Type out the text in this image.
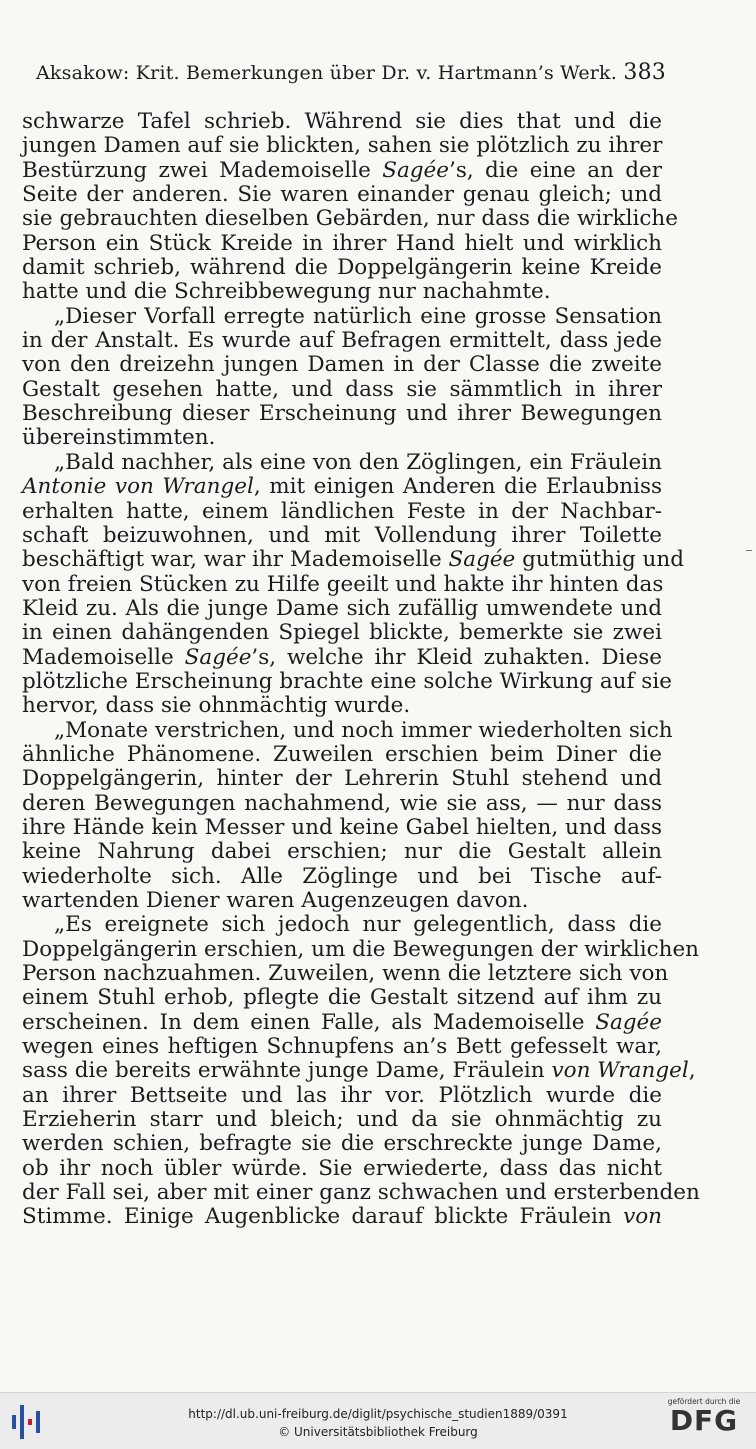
Aksakow: Krit. Bemerkungen über Dr. v. Hartmann’s Werk. 383
schwarze Tafel schrieb. Während sie dies that und die
jungen Damen auf sie blickten, sahen sie plötzlich zu ihrer
Bestürzung zwei Mademoiselle Sagée’s, die eine an der
Seite der anderen. Sie waren einander genau gleich; und
sie gebrauchten dieselben Gebärden, nur dass die wirkliche
Person ein Stück Kreide in ihrer Hand hielt und wirklich
damit schrieb, während die Doppelgängerin keine Kreide
hatte und die Schreibbewegung nur nachahmte.
„Dieser Vorfall erregte natürlich eine grosse Sensation
in der Anstalt. Es wurde auf Befragen ermittelt, dass jede
von den dreizehn jungen Damen in der Classe die zweite
Gestalt gesehen hatte, und dass sie sämmtlich in ihrer
Beschreibung dieser Erscheinung und ihrer Bewegungen
übereinstimmten.
„Bald nachher, als eine von den Zöglingen, ein Fräulein
Antonie von Wrangel, mit einigen Anderen die Erlaubniss
erhalten hatte, einem ländlichen Feste in der Nachbar-
schaft beizuwohnen, und mit Vollendung ihrer Toilette
beschäftigt war, war ihr Mademoiselle Sagée gutmüthig und
von freien Stücken zu Hilfe geeilt und hakte ihr hinten das
Kleid zu. Als die junge Dame sich zufällig umwendete und
in einen dahängenden Spiegel blickte, bemerkte sie zwei
Mademoiselle Sagée’s, welche ihr Kleid zuhakten. Diese
plötzliche Erscheinung brachte eine solche Wirkung auf sie
hervor, dass sie ohnmächtig wurde.
„Monate verstrichen, und noch immer wiederholten sich
ähnliche Phänomene. Zuweilen erschien beim Diner die
Doppelgängerin, hinter der Lehrerin Stuhl stehend und
deren Bewegungen nachahmend, wie sie ass, — nur dass
ihre Hände kein Messer und keine Gabel hielten, und dass
keine Nahrung dabei erschien; nur die Gestalt allein
wiederholte sich. Alle Zöglinge und bei Tische auf-
wartenden Diener waren Augenzeugen davon.
„Es ereignete sich jedoch nur gelegentlich, dass die
Doppelgängerin erschien, um die Bewegungen der wirklichen
Person nachzuahmen. Zuweilen, wenn die letztere sich von
einem Stuhl erhob, pflegte die Gestalt sitzend auf ihm zu
erscheinen. In dem einen Falle, als Mademoiselle Sagée
wegen eines heftigen Schnupfens an’s Bett gefesselt war,
sass die bereits erwähnte junge Dame, Fräulein von Wrangel,
an ihrer Bettseite und las ihr vor. Plötzlich wurde die
Erzieherin starr und bleich; und da sie ohnmächtig zu
werden schien, befragte sie die erschreckte junge Dame,
ob ihr noch übler würde. Sie erwiederte, dass das nicht
der Fall sei, aber mit einer ganz schwachen und ersterbenden
Stimme. Einige Augenblicke darauf blickte Fräulein von
http://dl.ub.uni-freiburg.de/diglit/psychische_studien1889/0391
© Universitätsbibliothek Freiburg
gefördert durch die
DFG
